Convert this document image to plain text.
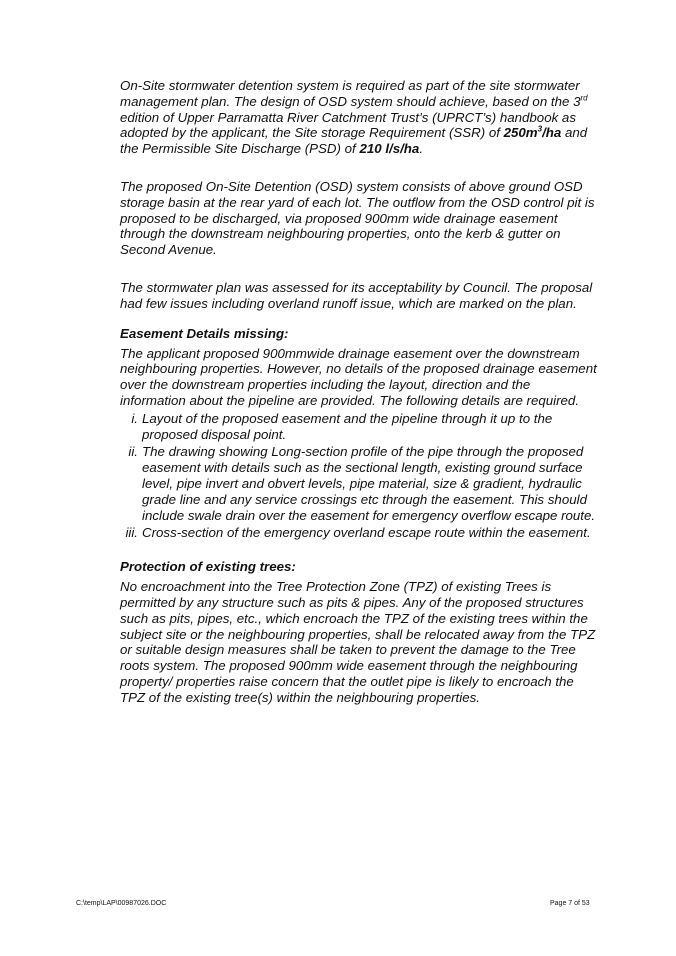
On-Site stormwater detention system is required as part of the site stormwater management plan. The design of OSD system should achieve, based on the 3rd edition of Upper Parramatta River Catchment Trust’s (UPRCT’s) handbook as adopted by the applicant, the Site storage Requirement (SSR) of $250m^3/ha$ and the Permissible Site Discharge (PSD) of 210 l/s/ha.

The proposed On-Site Detention (OSD) system consists of above ground OSD storage basin at the rear yard of each lot. The outflow from the OSD control pit is proposed to be discharged, via proposed 900mm wide drainage easement through the downstream neighbouring properties, onto the kerb & gutter on Second Avenue.

The stormwater plan was assessed for its acceptability by Council. The proposal had few issues including overland runoff issue, which are marked on the plan.

Easement Details missing:

The applicant proposed 900mmwide drainage easement over the downstream neighbouring properties. However, no details of the proposed drainage easement over the downstream properties including the layout, direction and the information about the pipeline are provided. The following details are required.

i. Layout of the proposed easement and the pipeline through it up to the proposed disposal point.
ii. The drawing showing Long-section profile of the pipe through the proposed easement with details such as the sectional length, existing ground surface level, pipe invert and obvert levels, pipe material, size & gradient, hydraulic grade line and any service crossings etc through the easement. This should include swale drain over the easement for emergency overflow escape route.
iii. Cross-section of the emergency overland escape route within the easement.

Protection of existing trees:

No encroachment into the Tree Protection Zone (TPZ) of existing Trees is permitted by any structure such as pits & pipes. Any of the proposed structures such as pits, pipes, etc., which encroach the TPZ of the existing trees within the subject site or the neighbouring properties, shall be relocated away from the TPZ or suitable design measures shall be taken to prevent the damage to the Tree roots system. The proposed 900mm wide easement through the neighbouring property/ properties raise concern that the outlet pipe is likely to encroach the TPZ of the existing tree(s) within the neighbouring properties.

C:\temp\LAP\00987026.DOC	Page 7 of 53
